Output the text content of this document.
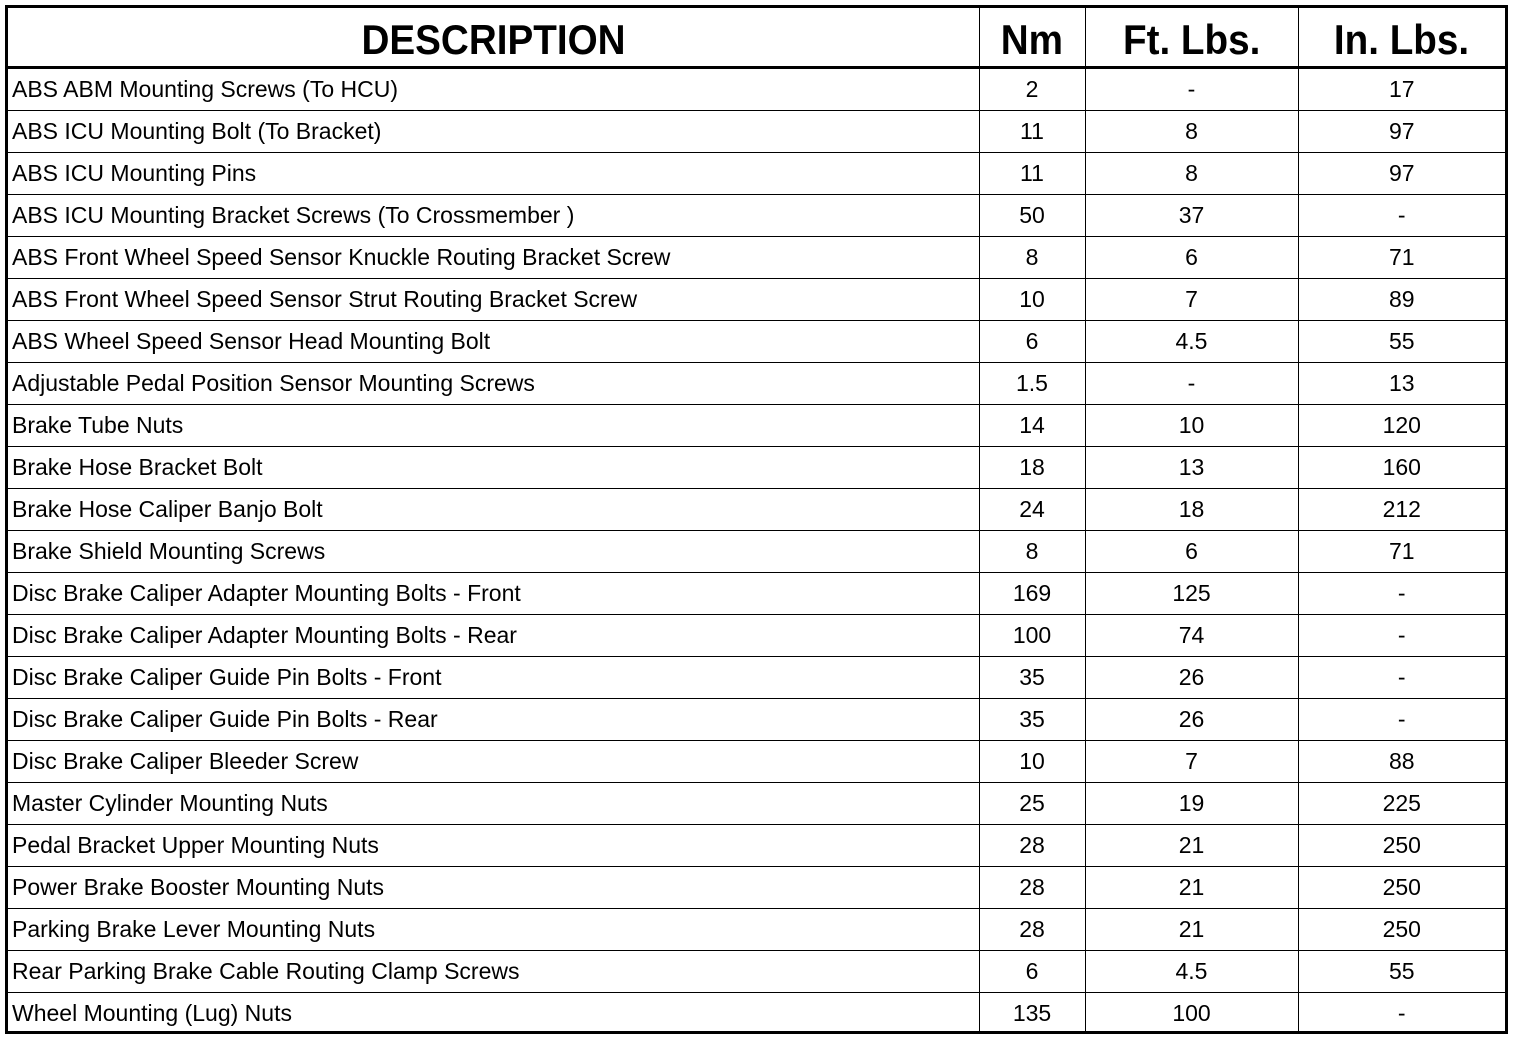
DESCRIPTION	Nm	Ft. Lbs.	In. Lbs.
ABS ABM Mounting Screws (To HCU)	2	-	17
ABS ICU Mounting Bolt (To Bracket)	11	8	97
ABS ICU Mounting Pins	11	8	97
ABS ICU Mounting Bracket Screws (To Crossmember )	50	37	-
ABS Front Wheel Speed Sensor Knuckle Routing Bracket Screw	8	6	71
ABS Front Wheel Speed Sensor Strut Routing Bracket Screw	10	7	89
ABS Wheel Speed Sensor Head Mounting Bolt	6	4.5	55
Adjustable Pedal Position Sensor Mounting Screws	1.5	-	13
Brake Tube Nuts	14	10	120
Brake Hose Bracket Bolt	18	13	160
Brake Hose Caliper Banjo Bolt	24	18	212
Brake Shield Mounting Screws	8	6	71
Disc Brake Caliper Adapter Mounting Bolts - Front	169	125	-
Disc Brake Caliper Adapter Mounting Bolts - Rear	100	74	-
Disc Brake Caliper Guide Pin Bolts - Front	35	26	-
Disc Brake Caliper Guide Pin Bolts - Rear	35	26	-
Disc Brake Caliper Bleeder Screw	10	7	88
Master Cylinder Mounting Nuts	25	19	225
Pedal Bracket Upper Mounting Nuts	28	21	250
Power Brake Booster Mounting Nuts	28	21	250
Parking Brake Lever Mounting Nuts	28	21	250
Rear Parking Brake Cable Routing Clamp Screws	6	4.5	55
Wheel Mounting (Lug) Nuts	135	100	-
